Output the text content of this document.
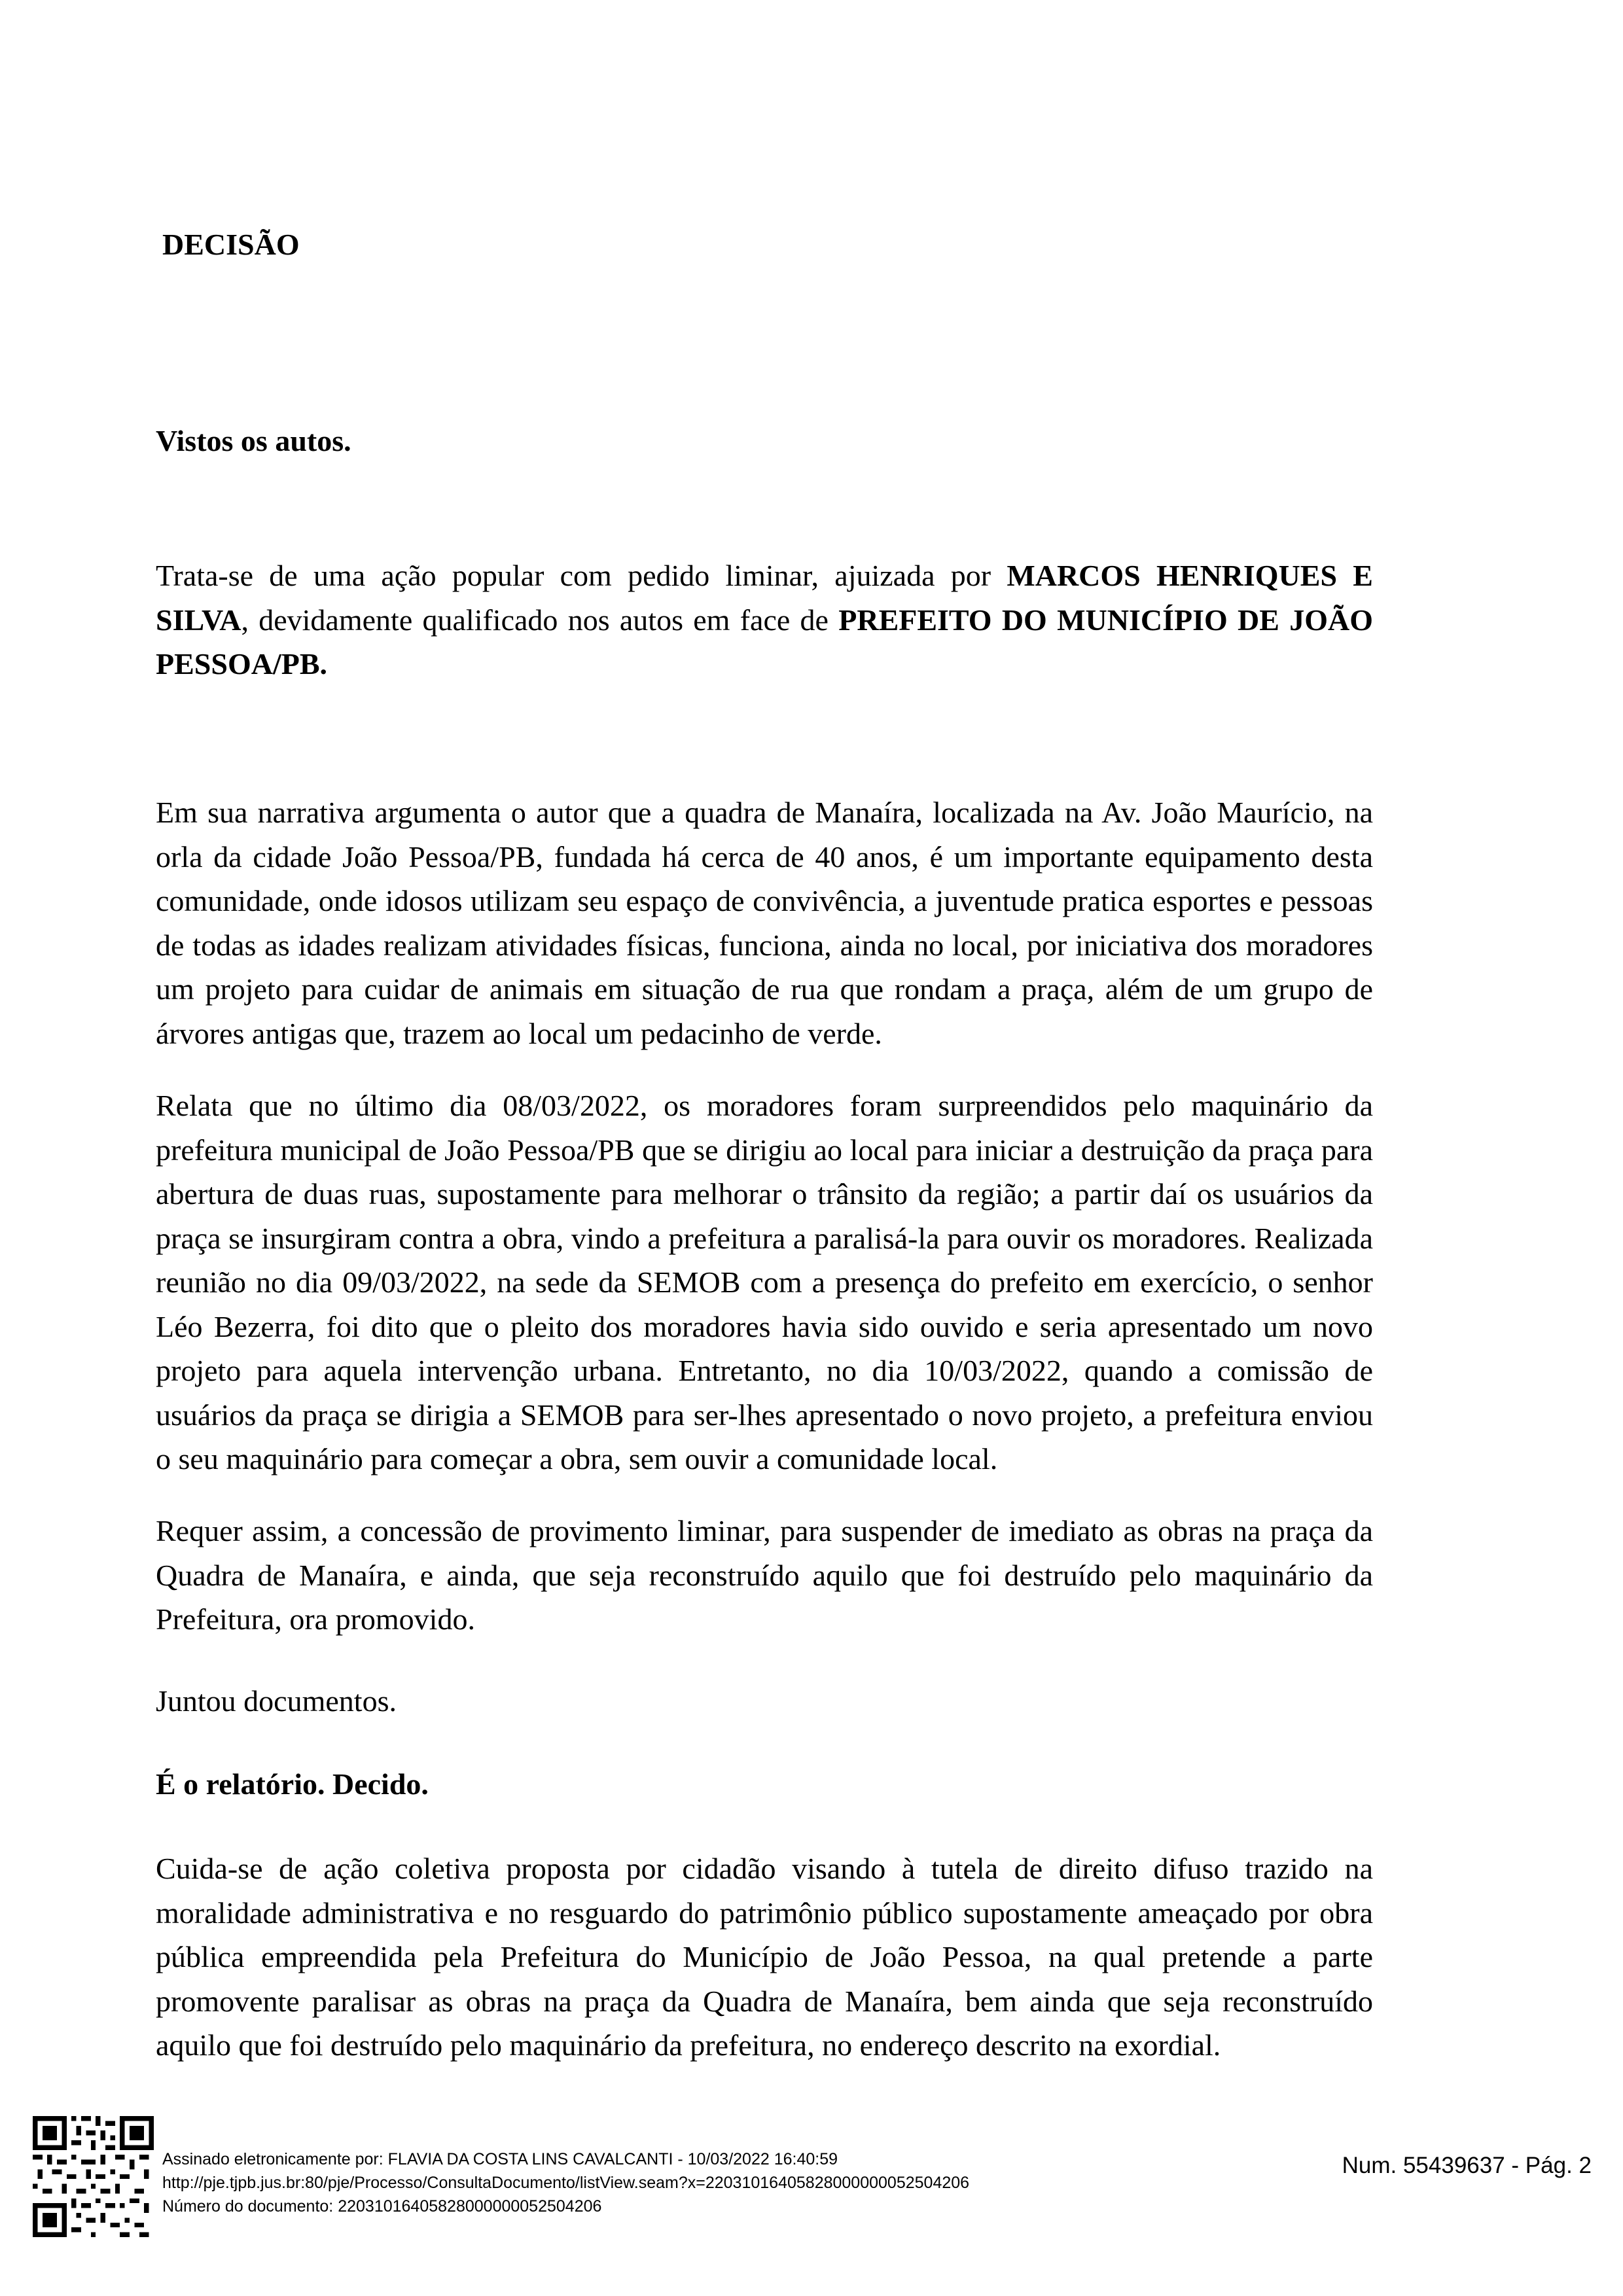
DECISÃO
Vistos os autos.

Trata-se de uma ação popular com pedido liminar, ajuizada por MARCOS HENRIQUES E SILVA, devidamente qualificado nos autos em face de PREFEITO DO MUNICÍPIO DE JOÃO PESSOA/PB.

Em sua narrativa argumenta o autor que a quadra de Manaíra, localizada na Av. João Maurício, na orla da cidade João Pessoa/PB, fundada há cerca de 40 anos, é um importante equipamento desta comunidade, onde idosos utilizam seu espaço de convivência, a juventude pratica esportes e pessoas de todas as idades realizam atividades físicas, funciona, ainda no local, por iniciativa dos moradores um projeto para cuidar de animais em situação de rua que rondam a praça, além de um grupo de árvores antigas que, trazem ao local um pedacinho de verde.

Relata que no último dia 08/03/2022, os moradores foram surpreendidos pelo maquinário da prefeitura municipal de João Pessoa/PB que se dirigiu ao local para iniciar a destruição da praça para abertura de duas ruas, supostamente para melhorar o trânsito da região; a partir daí os usuários da praça se insurgiram contra a obra, vindo a prefeitura a paralisá-la para ouvir os moradores. Realizada reunião no dia 09/03/2022, na sede da SEMOB com a presença do prefeito em exercício, o senhor Léo Bezerra, foi dito que o pleito dos moradores havia sido ouvido e seria apresentado um novo projeto para aquela intervenção urbana. Entretanto, no dia 10/03/2022, quando a comissão de usuários da praça se dirigia a SEMOB para ser-lhes apresentado o novo projeto, a prefeitura enviou o seu maquinário para começar a obra, sem ouvir a comunidade local.

Requer assim, a concessão de provimento liminar, para suspender de imediato as obras na praça da Quadra de Manaíra, e ainda, que seja reconstruído aquilo que foi destruído pelo maquinário da Prefeitura, ora promovido.

Juntou documentos.

É o relatório. Decido.

Cuida-se de ação coletiva proposta por cidadão visando à tutela de direito difuso trazido na moralidade administrativa e no resguardo do patrimônio público supostamente ameaçado por obra pública empreendida pela Prefeitura do Município de João Pessoa, na qual pretende a parte promovente paralisar as obras na praça da Quadra de Manaíra, bem ainda que seja reconstruído aquilo que foi destruído pelo maquinário da prefeitura, no endereço descrito na exordial.

Assinado eletronicamente por: FLAVIA DA COSTA LINS CAVALCANTI - 10/03/2022 16:40:59
http://pje.tjpb.jus.br:80/pje/Processo/ConsultaDocumento/listView.seam?x=22031016405828000000052504206
Número do documento: 22031016405828000000052504206
Num. 55439637 - Pág. 2
